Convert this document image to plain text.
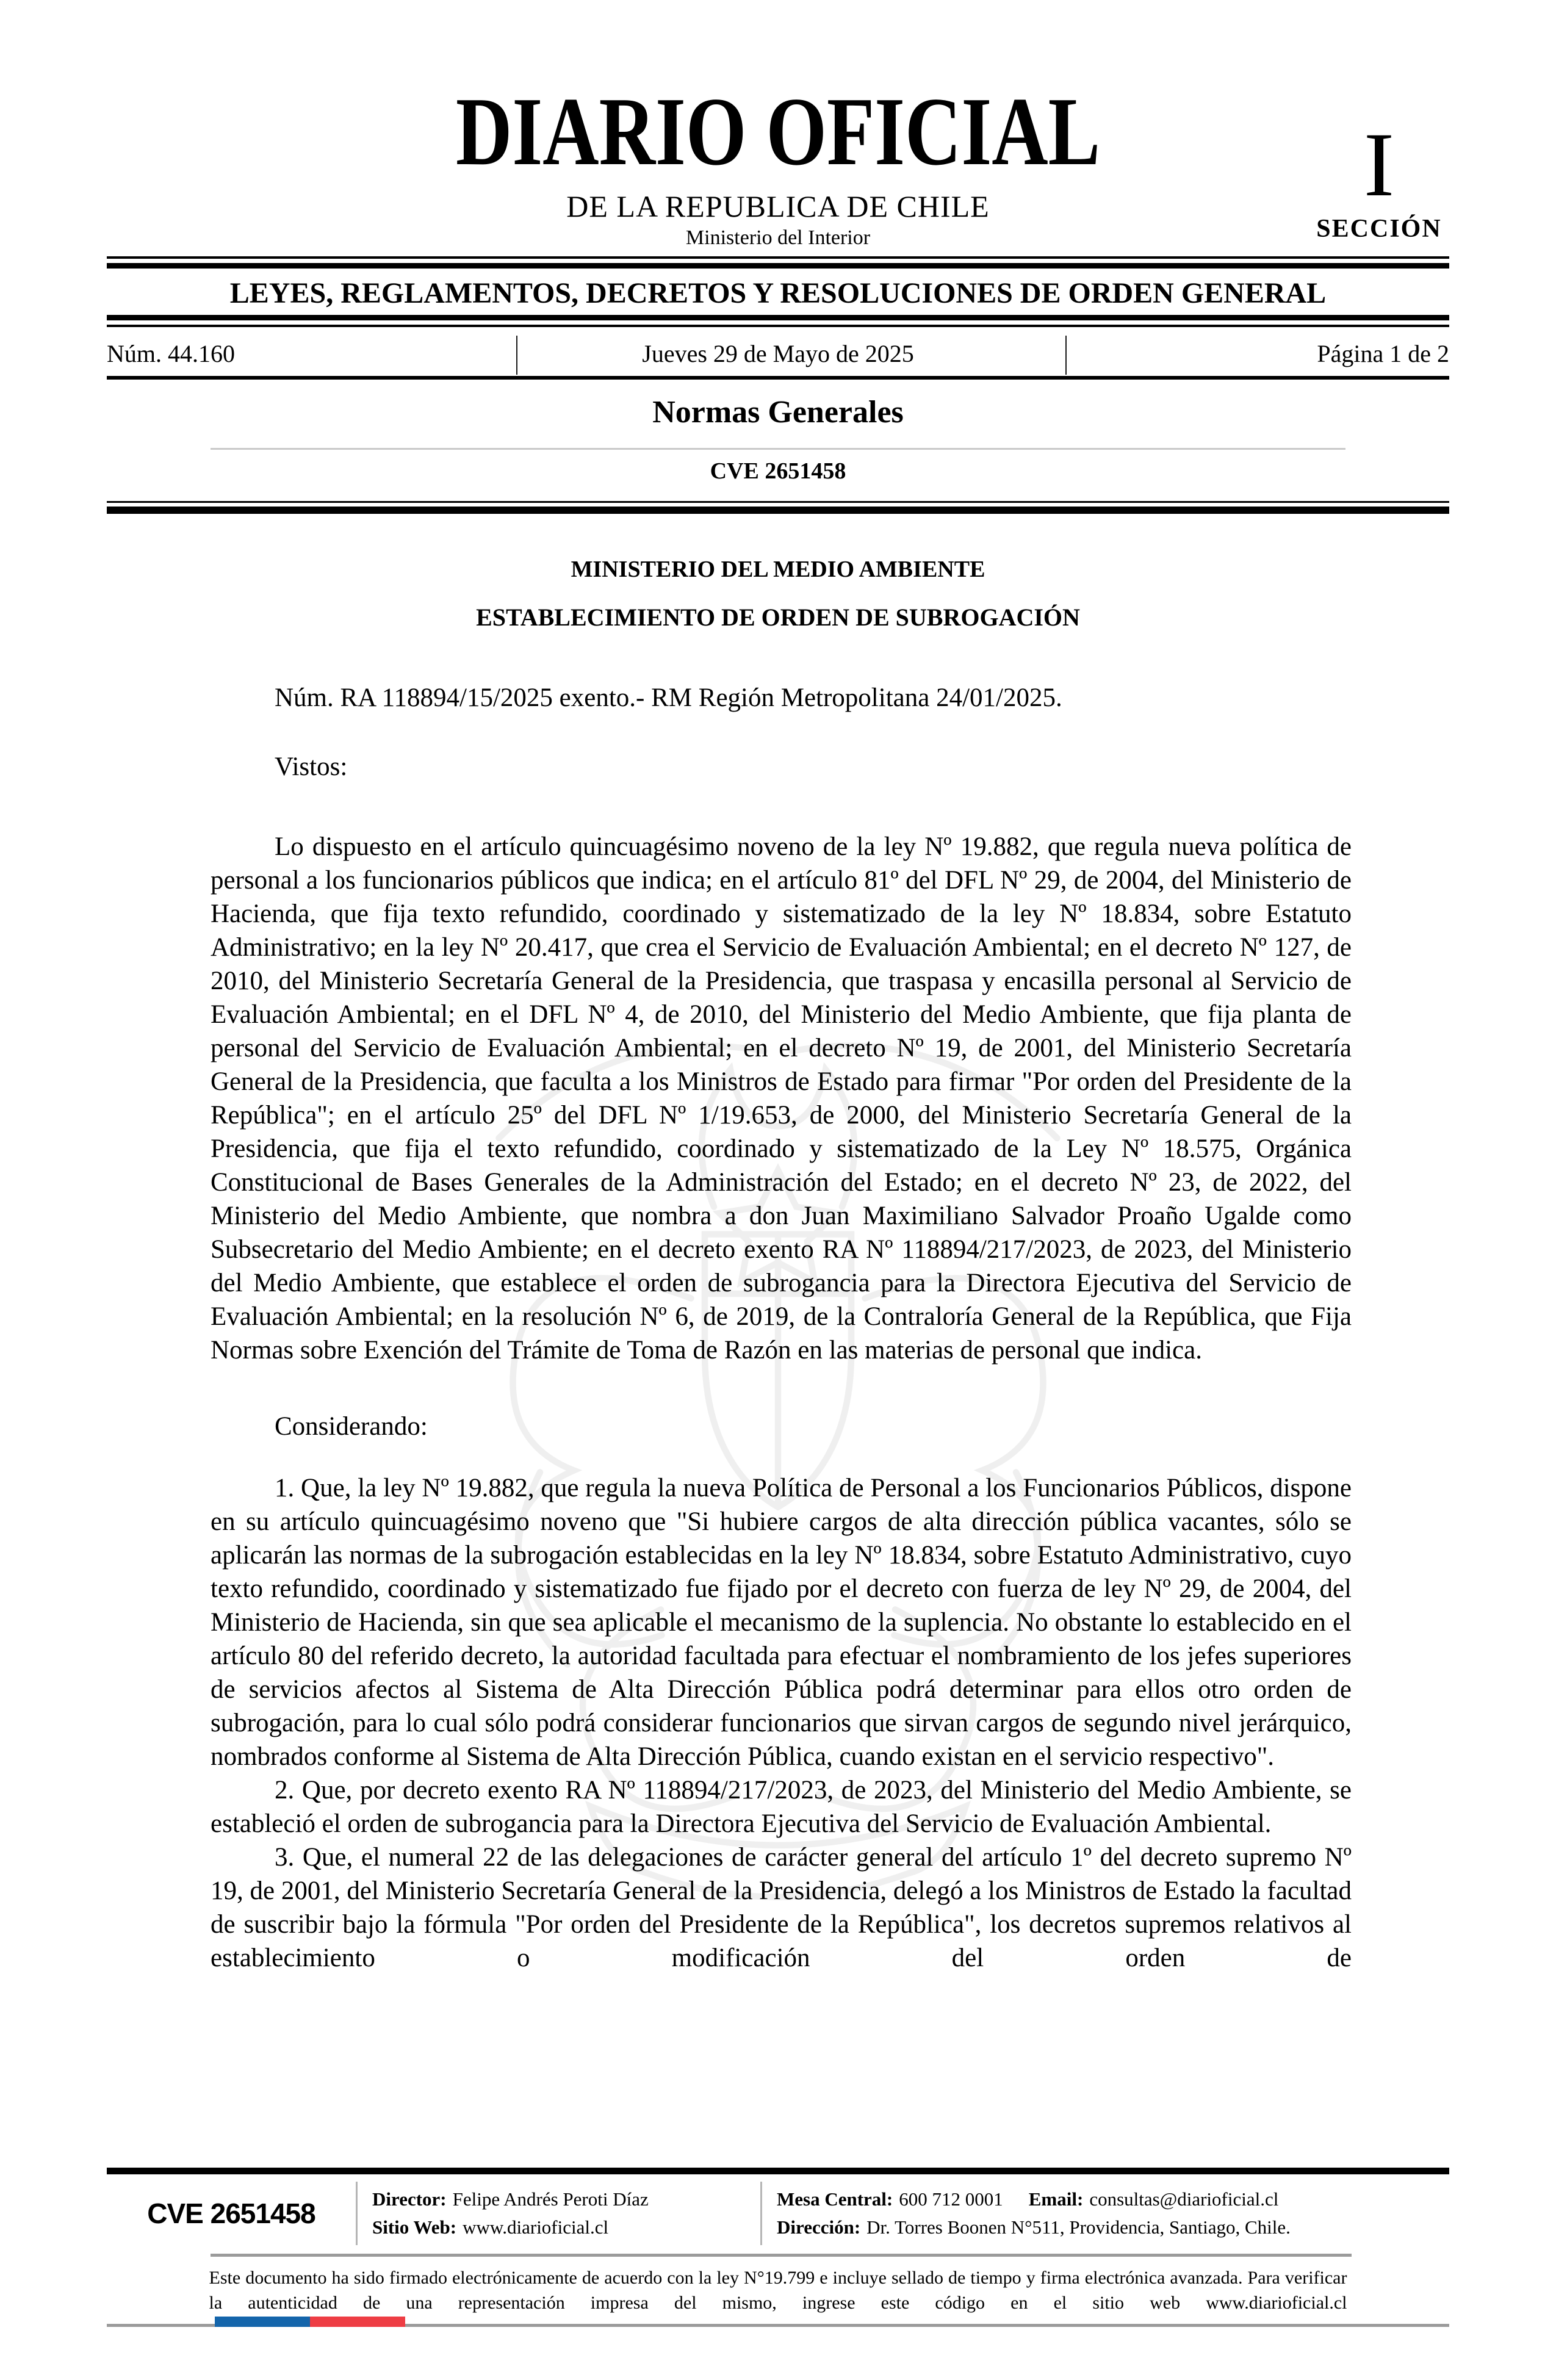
DIARIO OFICIAL
DE LA REPUBLICA DE CHILE
Ministerio del Interior
I
SECCIÓN
LEYES, REGLAMENTOS, DECRETOS Y RESOLUCIONES DE ORDEN GENERAL
Núm. 44.160	Jueves 29 de Mayo de 2025	Página 1 de 2
Normas Generales
CVE 2651458
MINISTERIO DEL MEDIO AMBIENTE
ESTABLECIMIENTO DE ORDEN DE SUBROGACIÓN

Núm. RA 118894/15/2025 exento.- RM Región Metropolitana 24/01/2025.

Vistos:

Lo dispuesto en el artículo quincuagésimo noveno de la ley Nº 19.882, que regula nueva política de personal a los funcionarios públicos que indica; en el artículo 81º del DFL Nº 29, de 2004, del Ministerio de Hacienda, que fija texto refundido, coordinado y sistematizado de la ley Nº 18.834, sobre Estatuto Administrativo; en la ley Nº 20.417, que crea el Servicio de Evaluación Ambiental; en el decreto Nº 127, de 2010, del Ministerio Secretaría General de la Presidencia, que traspasa y encasilla personal al Servicio de Evaluación Ambiental; en el DFL Nº 4, de 2010, del Ministerio del Medio Ambiente, que fija planta de personal del Servicio de Evaluación Ambiental; en el decreto Nº 19, de 2001, del Ministerio Secretaría General de la Presidencia, que faculta a los Ministros de Estado para firmar "Por orden del Presidente de la República"; en el artículo 25º del DFL Nº 1/19.653, de 2000, del Ministerio Secretaría General de la Presidencia, que fija el texto refundido, coordinado y sistematizado de la Ley Nº 18.575, Orgánica Constitucional de Bases Generales de la Administración del Estado; en el decreto Nº 23, de 2022, del Ministerio del Medio Ambiente, que nombra a don Juan Maximiliano Salvador Proaño Ugalde como Subsecretario del Medio Ambiente; en el decreto exento RA Nº 118894/217/2023, de 2023, del Ministerio del Medio Ambiente, que establece el orden de subrogancia para la Directora Ejecutiva del Servicio de Evaluación Ambiental; en la resolución Nº 6, de 2019, de la Contraloría General de la República, que Fija Normas sobre Exención del Trámite de Toma de Razón en las materias de personal que indica.

Considerando:

1. Que, la ley Nº 19.882, que regula la nueva Política de Personal a los Funcionarios Públicos, dispone en su artículo quincuagésimo noveno que "Si hubiere cargos de alta dirección pública vacantes, sólo se aplicarán las normas de la subrogación establecidas en la ley Nº 18.834, sobre Estatuto Administrativo, cuyo texto refundido, coordinado y sistematizado fue fijado por el decreto con fuerza de ley Nº 29, de 2004, del Ministerio de Hacienda, sin que sea aplicable el mecanismo de la suplencia. No obstante lo establecido en el artículo 80 del referido decreto, la autoridad facultada para efectuar el nombramiento de los jefes superiores de servicios afectos al Sistema de Alta Dirección Pública podrá determinar para ellos otro orden de subrogación, para lo cual sólo podrá considerar funcionarios que sirvan cargos de segundo nivel jerárquico, nombrados conforme al Sistema de Alta Dirección Pública, cuando existan en el servicio respectivo".

2. Que, por decreto exento RA Nº 118894/217/2023, de 2023, del Ministerio del Medio Ambiente, se estableció el orden de subrogancia para la Directora Ejecutiva del Servicio de Evaluación Ambiental.

3. Que, el numeral 22 de las delegaciones de carácter general del artículo 1º del decreto supremo Nº 19, de 2001, del Ministerio Secretaría General de la Presidencia, delegó a los Ministros de Estado la facultad de suscribir bajo la fórmula "Por orden del Presidente de la República", los decretos supremos relativos al establecimiento o modificación del orden de

CVE 2651458	Director: Felipe Andrés Peroti Díaz
Sitio Web: www.diarioficial.cl
Mesa Central: 600 712 0001 Email: consultas@diarioficial.cl
Dirección: Dr. Torres Boonen N°511, Providencia, Santiago, Chile.

Este documento ha sido firmado electrónicamente de acuerdo con la ley N°19.799 e incluye sellado de tiempo y firma electrónica avanzada. Para verificar la autenticidad de una representación impresa del mismo, ingrese este código en el sitio web www.diarioficial.cl
